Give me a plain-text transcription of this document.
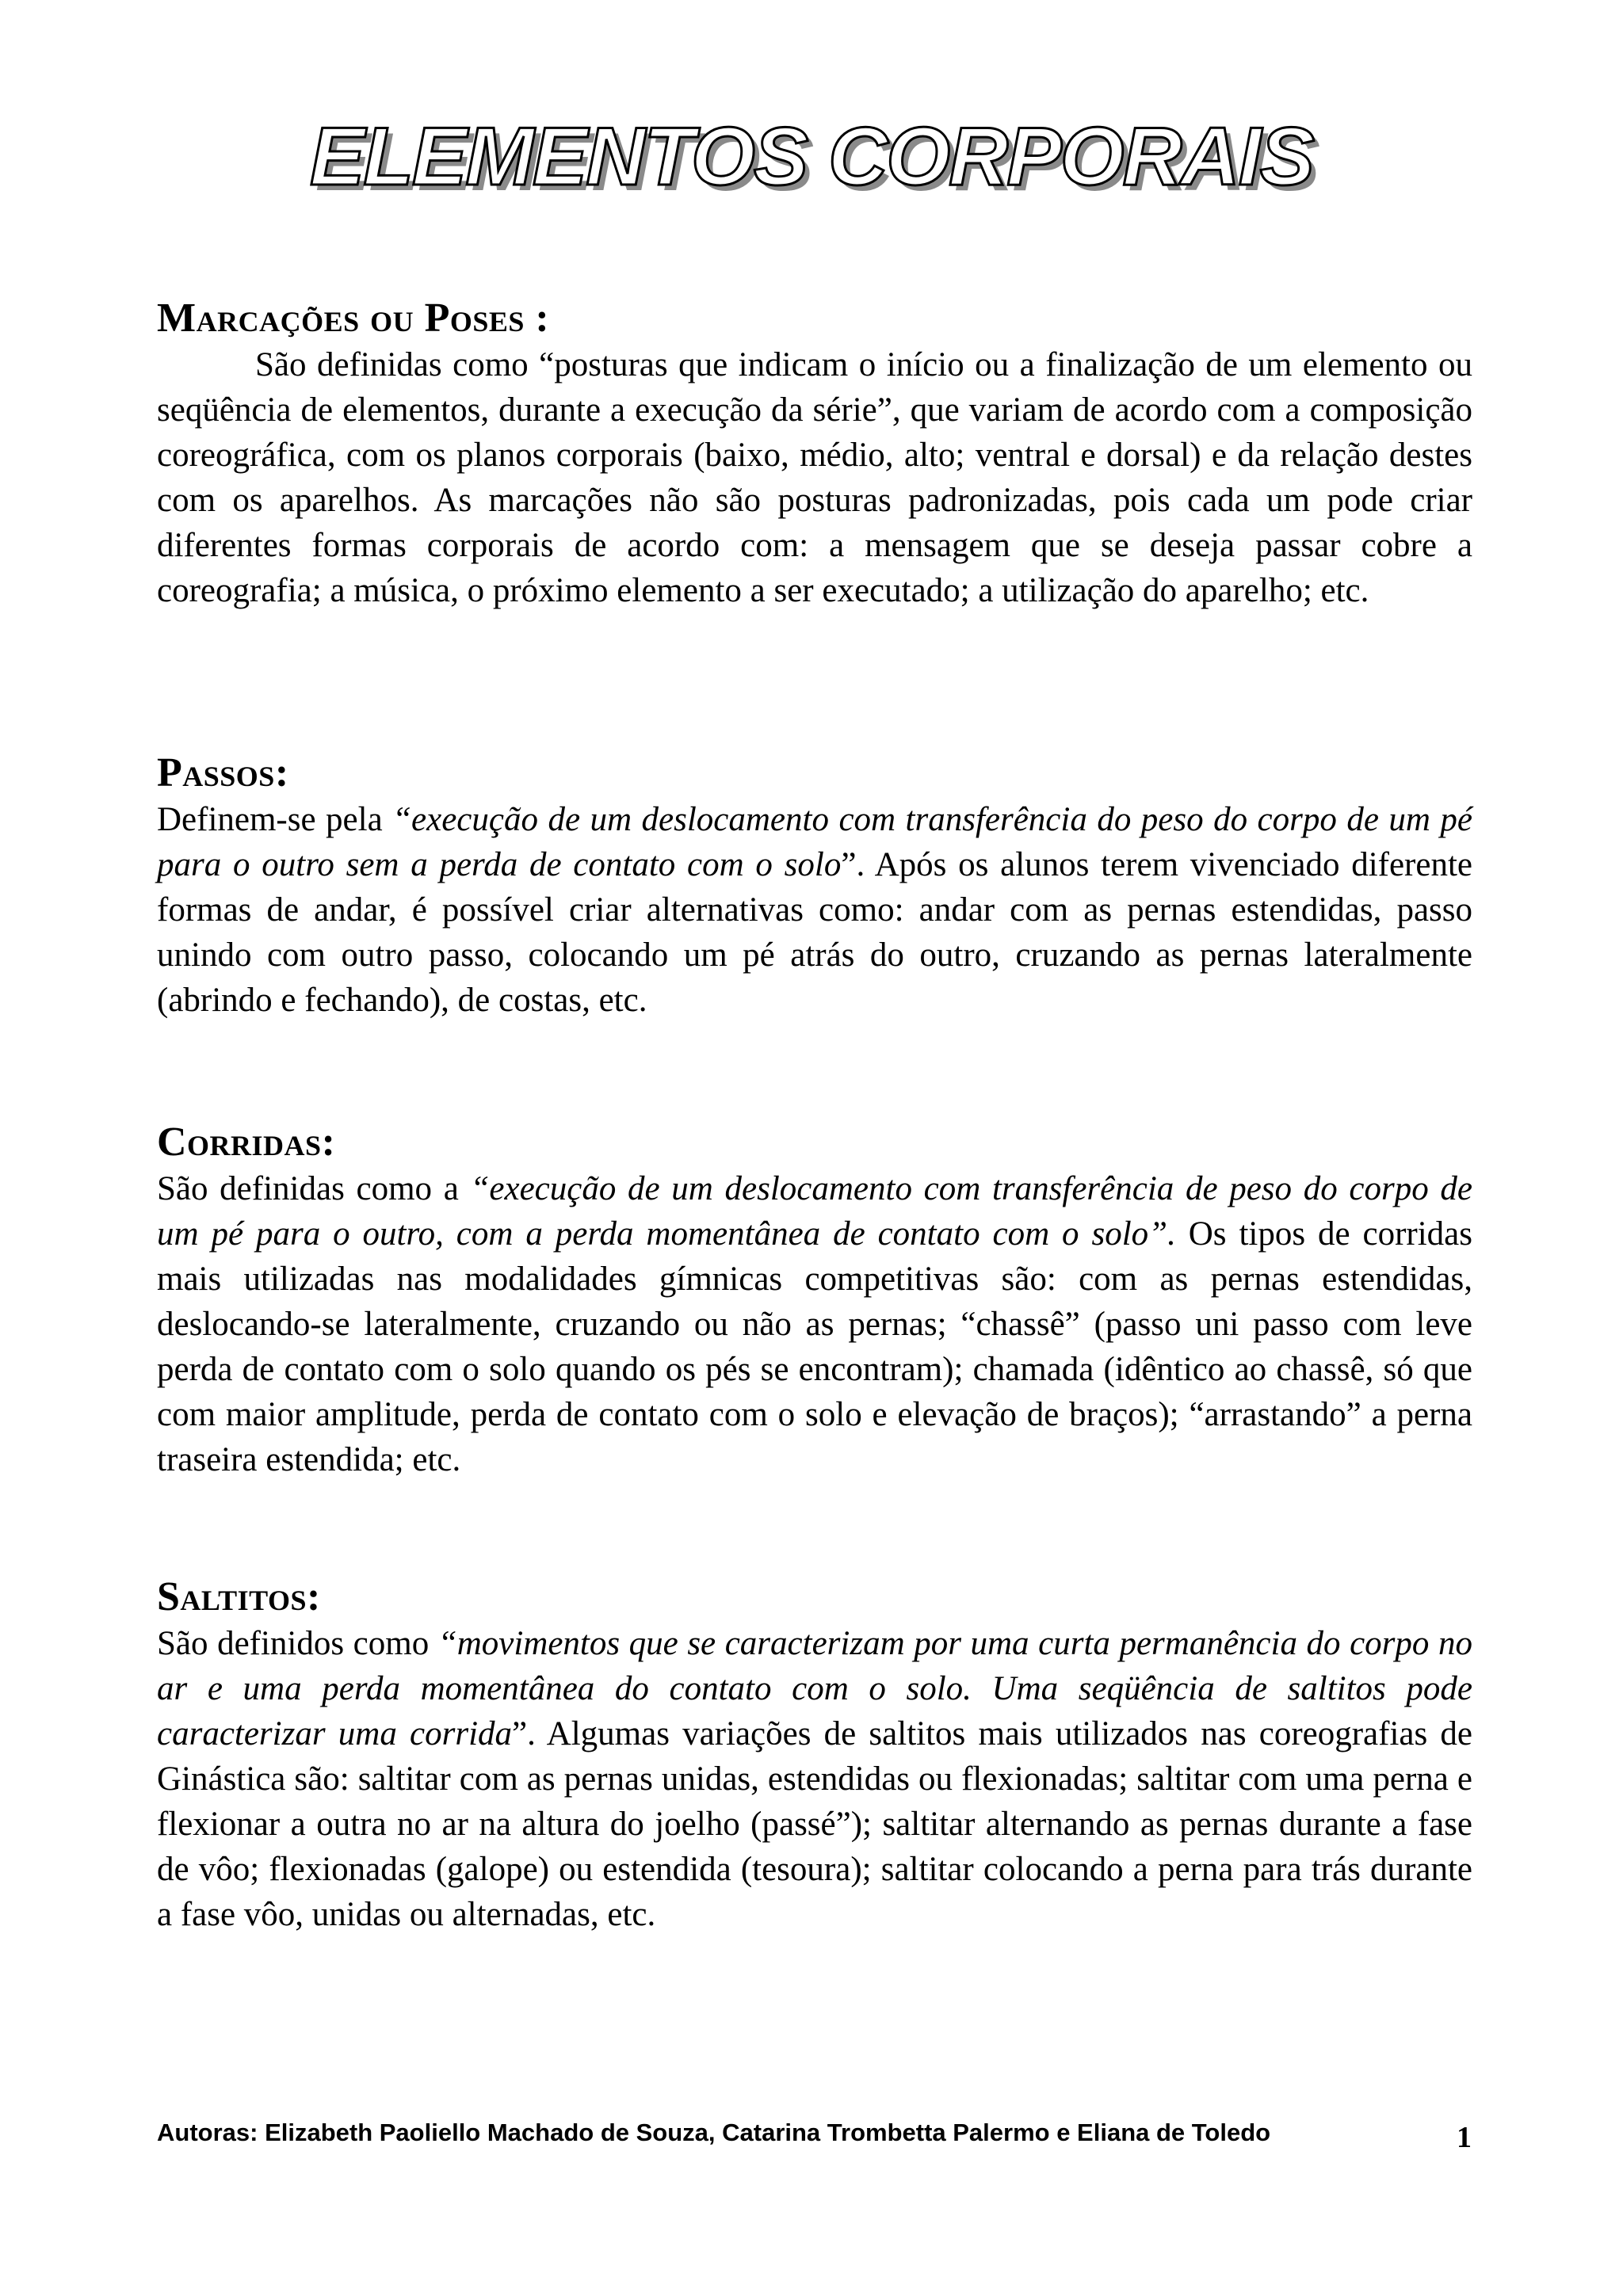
ELEMENTOS CORPORAIS
Marcações ou Poses :

São definidas como “posturas que indicam o início ou a finalização de um elemento ou seqüência de elementos, durante a execução da série”, que variam de acordo com a composição coreográfica, com os planos corporais (baixo, médio, alto; ventral e dorsal) e da relação destes com os aparelhos. As marcações não são posturas padronizadas, pois cada um pode criar diferentes formas corporais de acordo com: a mensagem que se deseja passar cobre a coreografia; a música, o próximo elemento a ser executado; a utilização do aparelho; etc.

Passos:

Definem-se pela “execução de um deslocamento com transferência do peso do corpo de um pé para o outro sem a perda de contato com o solo”. Após os alunos terem vivenciado diferente formas de andar, é possível criar alternativas como: andar com as pernas estendidas, passo unindo com outro passo, colocando um pé atrás do outro, cruzando as pernas lateralmente (abrindo e fechando), de costas, etc.

Corridas:

São definidas como a “execução de um deslocamento com transferência de peso do corpo de um pé para o outro, com a perda momentânea de contato com o solo”. Os tipos de corridas mais utilizadas nas modalidades gímnicas competitivas são: com as pernas estendidas, deslocando-se lateralmente, cruzando ou não as pernas; “chassê” (passo uni passo com leve perda de contato com o solo quando os pés se encontram); chamada (idêntico ao chassê, só que com maior amplitude, perda de contato com o solo e elevação de braços); “arrastando” a perna traseira estendida; etc.

Saltitos:

São definidos como “movimentos que se caracterizam por uma curta permanência do corpo no ar e uma perda momentânea do contato com o solo. Uma seqüência de saltitos pode caracterizar uma corrida”. Algumas variações de saltitos mais utilizados nas coreografias de Ginástica são: saltitar com as pernas unidas, estendidas ou flexionadas; saltitar com uma perna e flexionar a outra no ar na altura do joelho (passé”); saltitar alternando as pernas durante a fase de vôo; flexionadas (galope) ou estendida (tesoura); saltitar colocando a perna para trás durante a fase vôo, unidas ou alternadas, etc.

Autoras: Elizabeth Paoliello Machado de Souza, Catarina Trombetta Palermo e Eliana de Toledo	1
